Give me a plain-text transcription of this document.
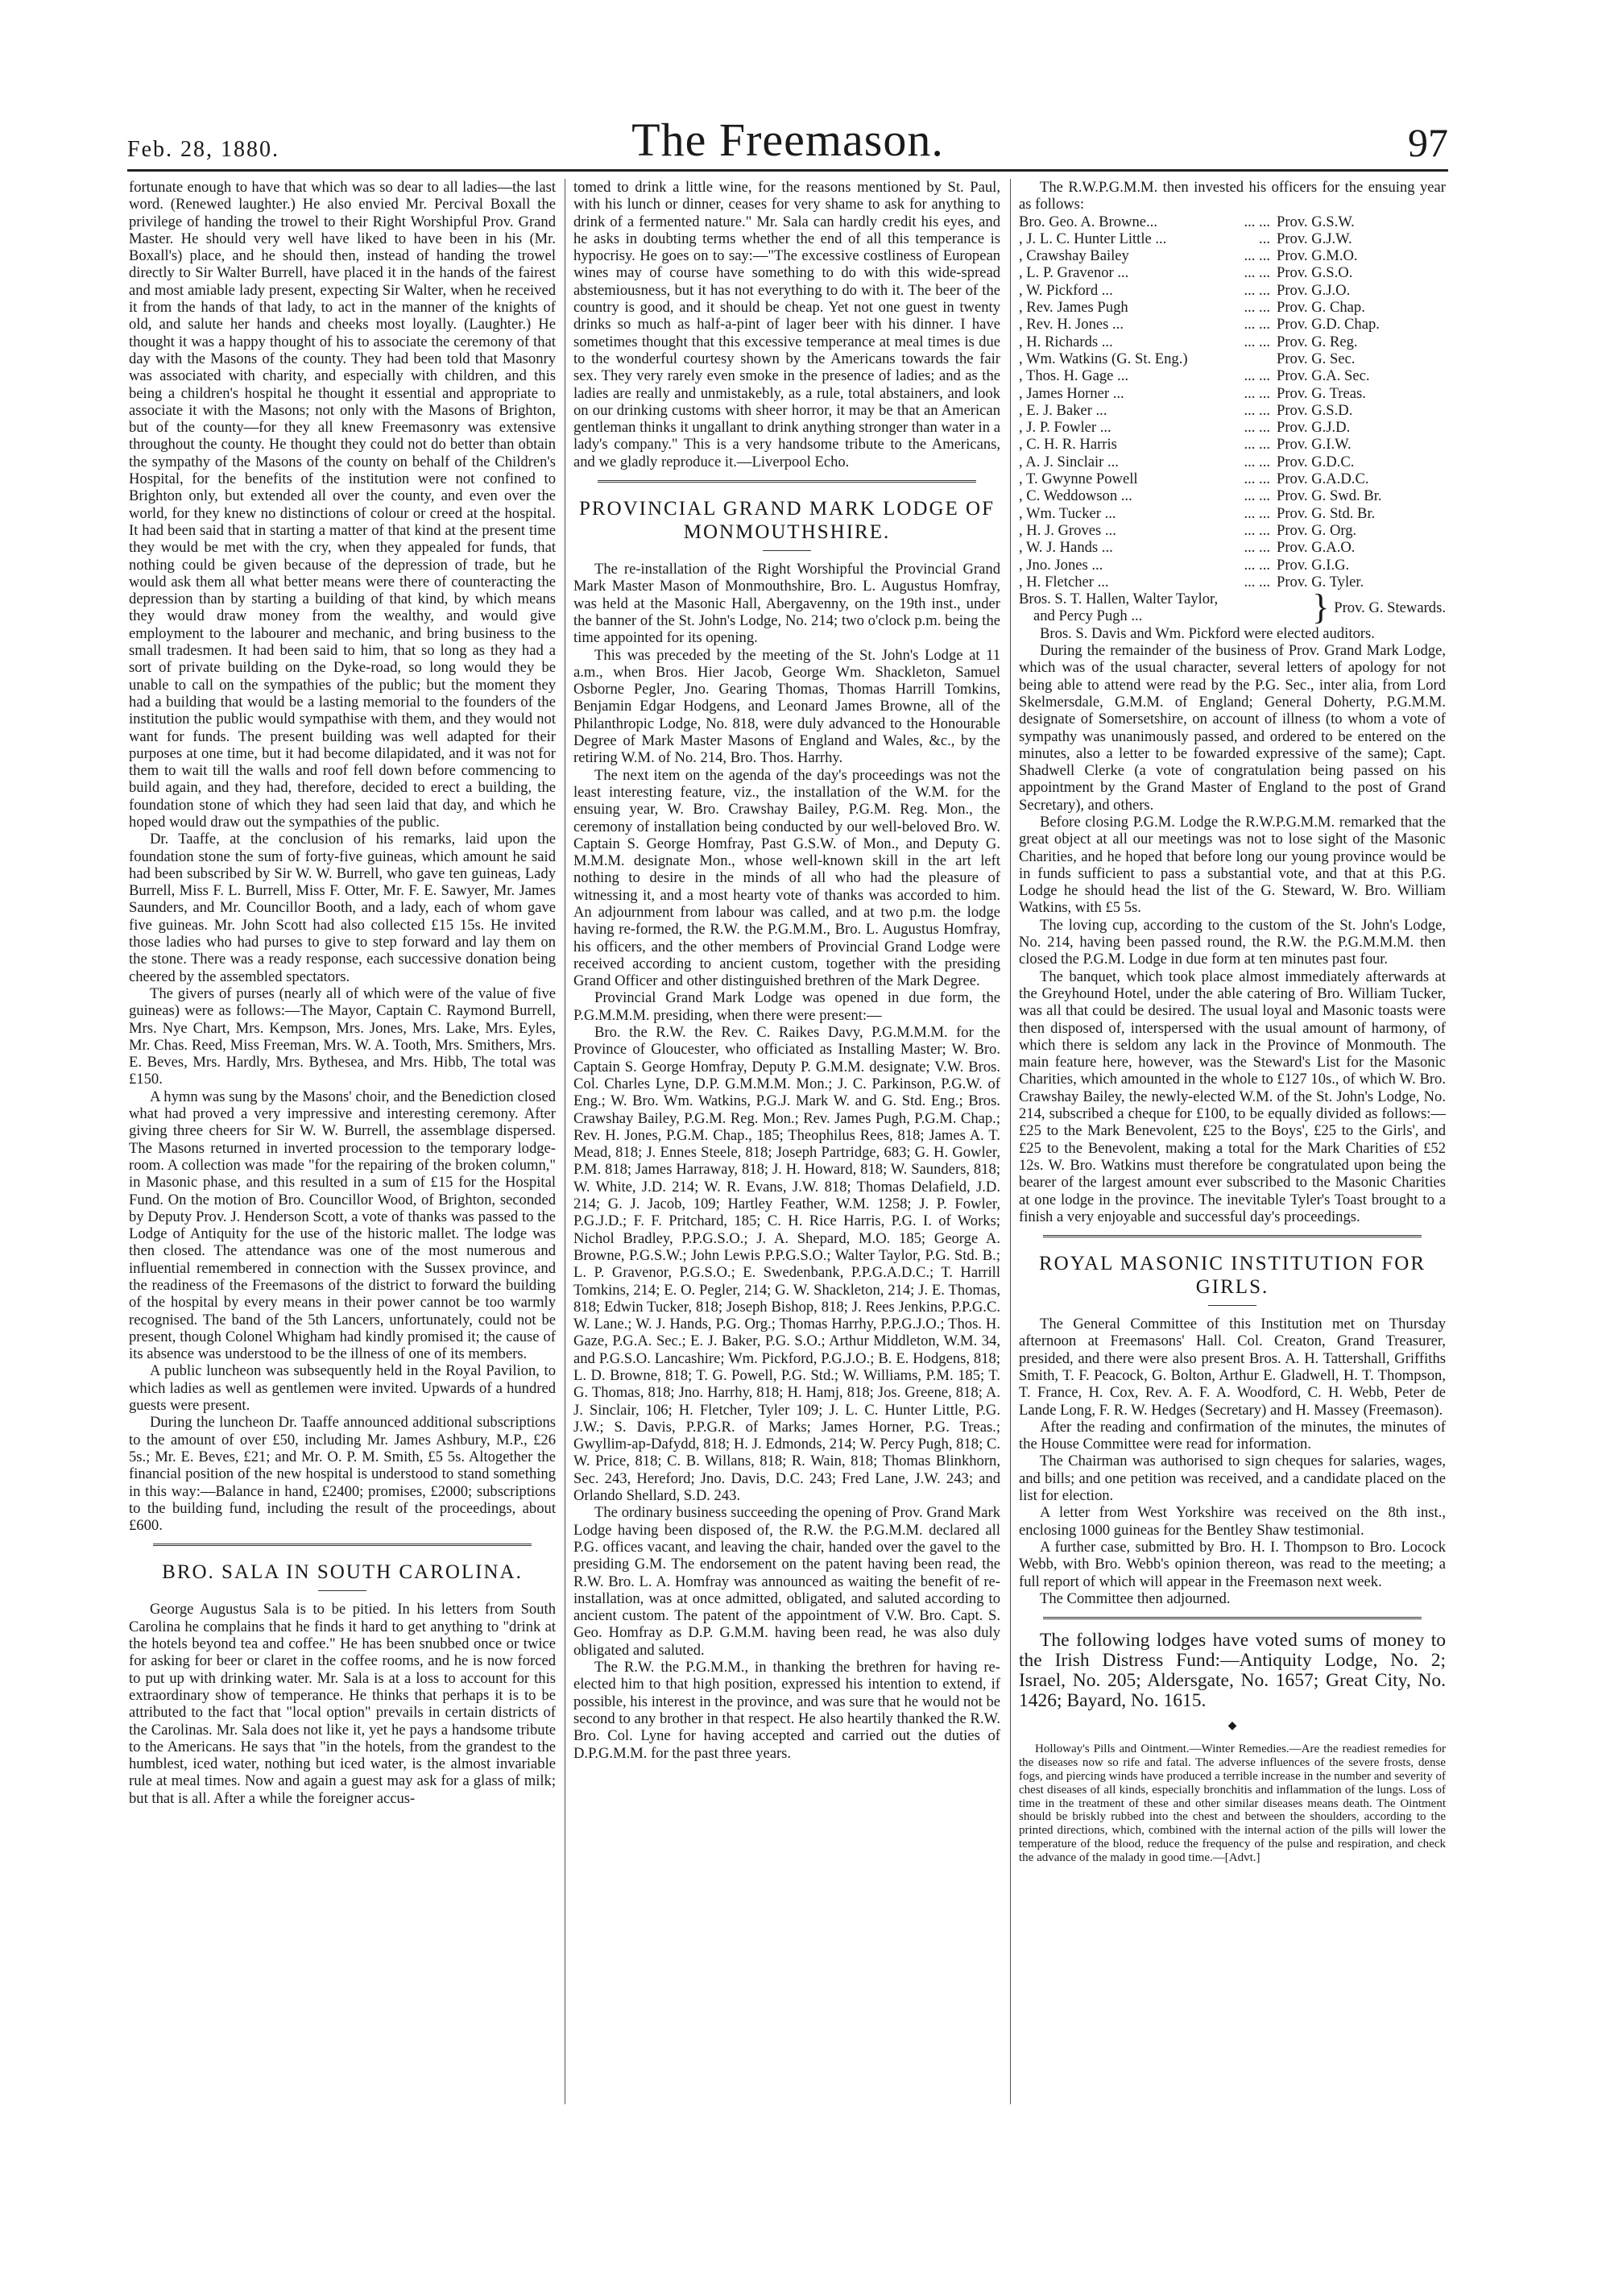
Feb. 28, 1880.	The Freemason.	97

fortunate enough to have that which was so dear to all ladies—the last word. (Renewed laughter.) He also envied Mr. Percival Boxall the privilege of handing the trowel to their Right Worshipful Prov. Grand Master. He should very well have liked to have been in his (Mr. Boxall's) place, and he should then, instead of handing the trowel directly to Sir Walter Burrell, have placed it in the hands of the fairest and most amiable lady present, expecting Sir Walter, when he received it from the hands of that lady, to act in the manner of the knights of old, and salute her hands and cheeks most loyally. (Laughter.) He thought it was a happy thought of his to associate the ceremony of that day with the Masons of the county. They had been told that Masonry was associated with charity, and especially with children, and this being a children's hospital he thought it essential and appropriate to associate it with the Masons; not only with the Masons of Brighton, but of the county—for they all knew Freemasonry was extensive throughout the county. He thought they could not do better than obtain the sympathy of the Masons of the county on behalf of the Children's Hospital, for the benefits of the institution were not confined to Brighton only, but extended all over the county, and even over the world, for they knew no distinctions of colour or creed at the hospital. It had been said that in starting a matter of that kind at the present time they would be met with the cry, when they appealed for funds, that nothing could be given because of the depression of trade, but he would ask them all what better means were there of counteracting the depression than by starting a building of that kind, by which means they would draw money from the wealthy, and would give employment to the labourer and mechanic, and bring business to the small tradesmen. It had been said to him, that so long as they had a sort of private building on the Dyke-road, so long would they be unable to call on the sympathies of the public; but the moment they had a building that would be a lasting memorial to the founders of the institution the public would sympathise with them, and they would not want for funds. The present building was well adapted for their purposes at one time, but it had become dilapidated, and it was not for them to wait till the walls and roof fell down before commencing to build again, and they had, therefore, decided to erect a building, the foundation stone of which they had seen laid that day, and which he hoped would draw out the sympathies of the public.

Dr. Taaffe, at the conclusion of his remarks, laid upon the foundation stone the sum of forty-five guineas, which amount he said had been subscribed by Sir W. W. Burrell, who gave ten guineas, Lady Burrell, Miss F. L. Burrell, Miss F. Otter, Mr. F. E. Sawyer, Mr. James Saunders, and Mr. Councillor Booth, and a lady, each of whom gave five guineas. Mr. John Scott had also collected £15 15s. He invited those ladies who had purses to give to step forward and lay them on the stone. There was a ready response, each successive donation being cheered by the assembled spectators.

The givers of purses (nearly all of which were of the value of five guineas) were as follows:—The Mayor, Captain C. Raymond Burrell, Mrs. Nye Chart, Mrs. Kempson, Mrs. Jones, Mrs. Lake, Mrs. Eyles, Mr. Chas. Reed, Miss Freeman, Mrs. W. A. Tooth, Mrs. Smithers, Mrs. E. Beves, Mrs. Hardly, Mrs. Bythesea, and Mrs. Hibb, The total was £150.

A hymn was sung by the Masons' choir, and the Benediction closed what had proved a very impressive and interesting ceremony. After giving three cheers for Sir W. W. Burrell, the assemblage dispersed. The Masons returned in inverted procession to the temporary lodge-room. A collection was made "for the repairing of the broken column," in Masonic phase, and this resulted in a sum of £15 for the Hospital Fund. On the motion of Bro. Councillor Wood, of Brighton, seconded by Deputy Prov. J. Henderson Scott, a vote of thanks was passed to the Lodge of Antiquity for the use of the historic mallet. The lodge was then closed. The attendance was one of the most numerous and influential remembered in connection with the Sussex province, and the readiness of the Freemasons of the district to forward the building of the hospital by every means in their power cannot be too warmly recognised. The band of the 5th Lancers, unfortunately, could not be present, though Colonel Whigham had kindly promised it; the cause of its absence was understood to be the illness of one of its members.

A public luncheon was subsequently held in the Royal Pavilion, to which ladies as well as gentlemen were invited. Upwards of a hundred guests were present.

During the luncheon Dr. Taaffe announced additional subscriptions to the amount of over £50, including Mr. James Ashbury, M.P., £26 5s.; Mr. E. Beves, £21; and Mr. O. P. M. Smith, £5 5s. Altogether the financial position of the new hospital is understood to stand something in this way:—Balance in hand, £2400; promises, £2000; subscriptions to the building fund, including the result of the proceedings, about £600.

BRO. SALA IN SOUTH CAROLINA.

George Augustus Sala is to be pitied. In his letters from South Carolina he complains that he finds it hard to get anything to "drink at the hotels beyond tea and coffee." He has been snubbed once or twice for asking for beer or claret in the coffee rooms, and he is now forced to put up with drinking water. Mr. Sala is at a loss to account for this extraordinary show of temperance. He thinks that perhaps it is to be attributed to the fact that "local option" prevails in certain districts of the Carolinas. Mr. Sala does not like it, yet he pays a handsome tribute to the Americans. He says that "in the hotels, from the grandest to the humblest, iced water, nothing but iced water, is the almost invariable rule at meal times. Now and again a guest may ask for a glass of milk; but that is all. After a while the foreigner accus-

tomed to drink a little wine, for the reasons mentioned by St. Paul, with his lunch or dinner, ceases for very shame to ask for anything to drink of a fermented nature." Mr. Sala can hardly credit his eyes, and he asks in doubting terms whether the end of all this temperance is hypocrisy. He goes on to say:—"The excessive costliness of European wines may of course have something to do with this wide-spread abstemiousness, but it has not everything to do with it. The beer of the country is good, and it should be cheap. Yet not one guest in twenty drinks so much as half-a-pint of lager beer with his dinner. I have sometimes thought that this excessive temperance at meal times is due to the wonderful courtesy shown by the Americans towards the fair sex. They very rarely even smoke in the presence of ladies; and as the ladies are really and unmistakebly, as a rule, total abstainers, and look on our drinking customs with sheer horror, it may be that an American gentleman thinks it ungallant to drink anything stronger than water in a lady's company." This is a very handsome tribute to the Americans, and we gladly reproduce it.—Liverpool Echo.

PROVINCIAL GRAND MARK LODGE OF MONMOUTHSHIRE.

The re-installation of the Right Worshipful the Provincial Grand Mark Master Mason of Monmouthshire, Bro. L. Augustus Homfray, was held at the Masonic Hall, Abergavenny, on the 19th inst., under the banner of the St. John's Lodge, No. 214; two o'clock p.m. being the time appointed for its opening.

This was preceded by the meeting of the St. John's Lodge at 11 a.m., when Bros. Hier Jacob, George Wm. Shackleton, Samuel Osborne Pegler, Jno. Gearing Thomas, Thomas Harrill Tomkins, Benjamin Edgar Hodgens, and Leonard James Browne, all of the Philanthropic Lodge, No. 818, were duly advanced to the Honourable Degree of Mark Master Masons of England and Wales, &c., by the retiring W.M. of No. 214, Bro. Thos. Harrhy.

The next item on the agenda of the day's proceedings was not the least interesting feature, viz., the installation of the W.M. for the ensuing year, W. Bro. Crawshay Bailey, P.G.M. Reg. Mon., the ceremony of installation being conducted by our well-beloved Bro. W. Captain S. George Homfray, Past G.S.W. of Mon., and Deputy G. M.M.M. designate Mon., whose well-known skill in the art left nothing to desire in the minds of all who had the pleasure of witnessing it, and a most hearty vote of thanks was accorded to him. An adjournment from labour was called, and at two p.m. the lodge having re-formed, the R.W. the P.G.M.M., Bro. L. Augustus Homfray, his officers, and the other members of Provincial Grand Lodge were received according to ancient custom, together with the presiding Grand Officer and other distinguished brethren of the Mark Degree.

Provincial Grand Mark Lodge was opened in due form, the P.G.M.M.M. presiding, when there were present:—

Bro. the R.W. the Rev. C. Raikes Davy, P.G.M.M.M. for the Province of Gloucester, who officiated as Installing Master; W. Bro. Captain S. George Homfray, Deputy P. G.M.M. designate; V.W. Bros. Col. Charles Lyne, D.P. G.M.M.M. Mon.; J. C. Parkinson, P.G.W. of Eng.; W. Bro. Wm. Watkins, P.G.J. Mark W. and G. Std. Eng.; Bros. Crawshay Bailey, P.G.M. Reg. Mon.; Rev. James Pugh, P.G.M. Chap.; Rev. H. Jones, P.G.M. Chap., 185; Theophilus Rees, 818; James A. T. Mead, 818; J. Ennes Steele, 818; Joseph Partridge, 683; G. H. Gowler, P.M. 818; James Harraway, 818; J. H. Howard, 818; W. Saunders, 818; W. White, J.D. 214; W. R. Evans, J.W. 818; Thomas Delafield, J.D. 214; G. J. Jacob, 109; Hartley Feather, W.M. 1258; J. P. Fowler, P.G.J.D.; F. F. Pritchard, 185; C. H. Rice Harris, P.G. I. of Works; Nichol Bradley, P.P.G.S.O.; J. A. Shepard, M.O. 185; George A. Browne, P.G.S.W.; John Lewis P.P.G.S.O.; Walter Taylor, P.G. Std. B.; L. P. Gravenor, P.G.S.O.; E. Swedenbank, P.P.G.A.D.C.; T. Harrill Tomkins, 214; E. O. Pegler, 214; G. W. Shackleton, 214; J. E. Thomas, 818; Edwin Tucker, 818; Joseph Bishop, 818; J. Rees Jenkins, P.P.G.C. W. Lane.; W. J. Hands, P.G. Org.; Thomas Harrhy, P.P.G.J.O.; Thos. H. Gaze, P.G.A. Sec.; E. J. Baker, P.G. S.O.; Arthur Middleton, W.M. 34, and P.G.S.O. Lancashire; Wm. Pickford, P.G.J.O.; B. E. Hodgens, 818; L. D. Browne, 818; T. G. Powell, P.G. Std.; W. Williams, P.M. 185; T. G. Thomas, 818; Jno. Harrhy, 818; H. Hamj, 818; Jos. Greene, 818; A. J. Sinclair, 106; H. Fletcher, Tyler 109; J. L. C. Hunter Little, P.G. J.W.; S. Davis, P.P.G.R. of Marks; James Horner, P.G. Treas.; Gwyllim-ap-Dafydd, 818; H. J. Edmonds, 214; W. Percy Pugh, 818; C. W. Price, 818; C. B. Willans, 818; R. Wain, 818; Thomas Blinkhorn, Sec. 243, Hereford; Jno. Davis, D.C. 243; Fred Lane, J.W. 243; and Orlando Shellard, S.D. 243.

The ordinary business succeeding the opening of Prov. Grand Mark Lodge having been disposed of, the R.W. the P.G.M.M. declared all P.G. offices vacant, and leaving the chair, handed over the gavel to the presiding G.M. The endorsement on the patent having been read, the R.W. Bro. L. A. Homfray was announced as waiting the benefit of re-installation, was at once admitted, obligated, and saluted according to ancient custom. The patent of the appointment of V.W. Bro. Capt. S. Geo. Homfray as D.P. G.M.M. having been read, he was also duly obligated and saluted.

The R.W. the P.G.M.M., in thanking the brethren for having re-elected him to that high position, expressed his intention to extend, if possible, his interest in the province, and was sure that he would not be second to any brother in that respect. He also heartily thanked the R.W. Bro. Col. Lyne for having accepted and carried out the duties of D.P.G.M.M. for the past three years.

The R.W.P.G.M.M. then invested his officers for the ensuing year as follows:

Bro. Geo. A. Browne...	... ... Prov. G.S.W.
, J. L. C. Hunter Little ...	... Prov. G.J.W.
, Crawshay Bailey	... ... Prov. G.M.O.
, L. P. Gravenor ...	... ... Prov. G.S.O.
, W. Pickford ...	... ... Prov. G.J.O.
, Rev. James Pugh	... ... Prov. G. Chap.
, Rev. H. Jones ...	... ... Prov. G.D. Chap.
, H. Richards ...	... ... Prov. G. Reg.
, Wm. Watkins (G. St. Eng.)	Prov. G. Sec.
, Thos. H. Gage ...	... ... Prov. G.A. Sec.
, James Horner ...	... ... Prov. G. Treas.
, E. J. Baker ...	... ... Prov. G.S.D.
, J. P. Fowler ...	... ... Prov. G.J.D.
, C. H. R. Harris	... ... Prov. G.I.W.
, A. J. Sinclair ...	... ... Prov. G.D.C.
, T. Gwynne Powell	... ... Prov. G.A.D.C.
, C. Weddowson ...	... ... Prov. G. Swd. Br.
, Wm. Tucker ...	... ... Prov. G. Std. Br.
, H. J. Groves ...	... ... Prov. G. Org.
, W. J. Hands ...	... ... Prov. G.A.O.
, Jno. Jones ...	... ... Prov. G.I.G.
, H. Fletcher ...	... ... Prov. G. Tyler.
Bros. S. T. Hallen, Walter Taylor,
and Percy Pugh ...	} Prov. G. Stewards.

Bros. S. Davis and Wm. Pickford were elected auditors.

During the remainder of the business of Prov. Grand Mark Lodge, which was of the usual character, several letters of apology for not being able to attend were read by the P.G. Sec., inter alia, from Lord Skelmersdale, G.M.M. of England; General Doherty, P.G.M.M. designate of Somersetshire, on account of illness (to whom a vote of sympathy was unanimously passed, and ordered to be entered on the minutes, also a letter to be fowarded expressive of the same); Capt. Shadwell Clerke (a vote of congratulation being passed on his appointment by the Grand Master of England to the post of Grand Secretary), and others.

Before closing P.G.M. Lodge the R.W.P.G.M.M. remarked that the great object at all our meetings was not to lose sight of the Masonic Charities, and he hoped that before long our young province would be in funds sufficient to pass a substantial vote, and that at this P.G. Lodge he should head the list of the G. Steward, W. Bro. William Watkins, with £5 5s.

The loving cup, according to the custom of the St. John's Lodge, No. 214, having been passed round, the R.W. the P.G.M.M.M. then closed the P.G.M. Lodge in due form at ten minutes past four.

The banquet, which took place almost immediately afterwards at the Greyhound Hotel, under the able catering of Bro. William Tucker, was all that could be desired. The usual loyal and Masonic toasts were then disposed of, interspersed with the usual amount of harmony, of which there is seldom any lack in the Province of Monmouth. The main feature here, however, was the Steward's List for the Masonic Charities, which amounted in the whole to £127 10s., of which W. Bro. Crawshay Bailey, the newly-elected W.M. of the St. John's Lodge, No. 214, subscribed a cheque for £100, to be equally divided as follows:—£25 to the Mark Benevolent, £25 to the Boys', £25 to the Girls', and £25 to the Benevolent, making a total for the Mark Charities of £52 12s. W. Bro. Watkins must therefore be congratulated upon being the bearer of the largest amount ever subscribed to the Masonic Charities at one lodge in the province. The inevitable Tyler's Toast brought to a finish a very enjoyable and successful day's proceedings.

ROYAL MASONIC INSTITUTION FOR GIRLS.

The General Committee of this Institution met on Thursday afternoon at Freemasons' Hall. Col. Creaton, Grand Treasurer, presided, and there were also present Bros. A. H. Tattershall, Griffiths Smith, T. F. Peacock, G. Bolton, Arthur E. Gladwell, H. T. Thompson, T. France, H. Cox, Rev. A. F. A. Woodford, C. H. Webb, Peter de Lande Long, F. R. W. Hedges (Secretary) and H. Massey (Freemason).

After the reading and confirmation of the minutes, the minutes of the House Committee were read for information.

The Chairman was authorised to sign cheques for salaries, wages, and bills; and one petition was received, and a candidate placed on the list for election.

A letter from West Yorkshire was received on the 8th inst., enclosing 1000 guineas for the Bentley Shaw testimonial.

A further case, submitted by Bro. H. I. Thompson to Bro. Locock Webb, with Bro. Webb's opinion thereon, was read to the meeting; a full report of which will appear in the Freemason next week.

The Committee then adjourned.

The following lodges have voted sums of money to the Irish Distress Fund:—Antiquity Lodge, No. 2; Israel, No. 205; Aldersgate, No. 1657; Great City, No. 1426; Bayard, No. 1615.

◆

Holloway's Pills and Ointment.—Winter Remedies.—Are the readiest remedies for the diseases now so rife and fatal. The adverse influences of the severe frosts, dense fogs, and piercing winds have produced a terrible increase in the number and severity of chest diseases of all kinds, especially bronchitis and inflammation of the lungs. Loss of time in the treatment of these and other similar diseases means death. The Ointment should be briskly rubbed into the chest and between the shoulders, according to the printed directions, which, combined with the internal action of the pills will lower the temperature of the blood, reduce the frequency of the pulse and respiration, and check the advance of the malady in good time.—[Advt.]
